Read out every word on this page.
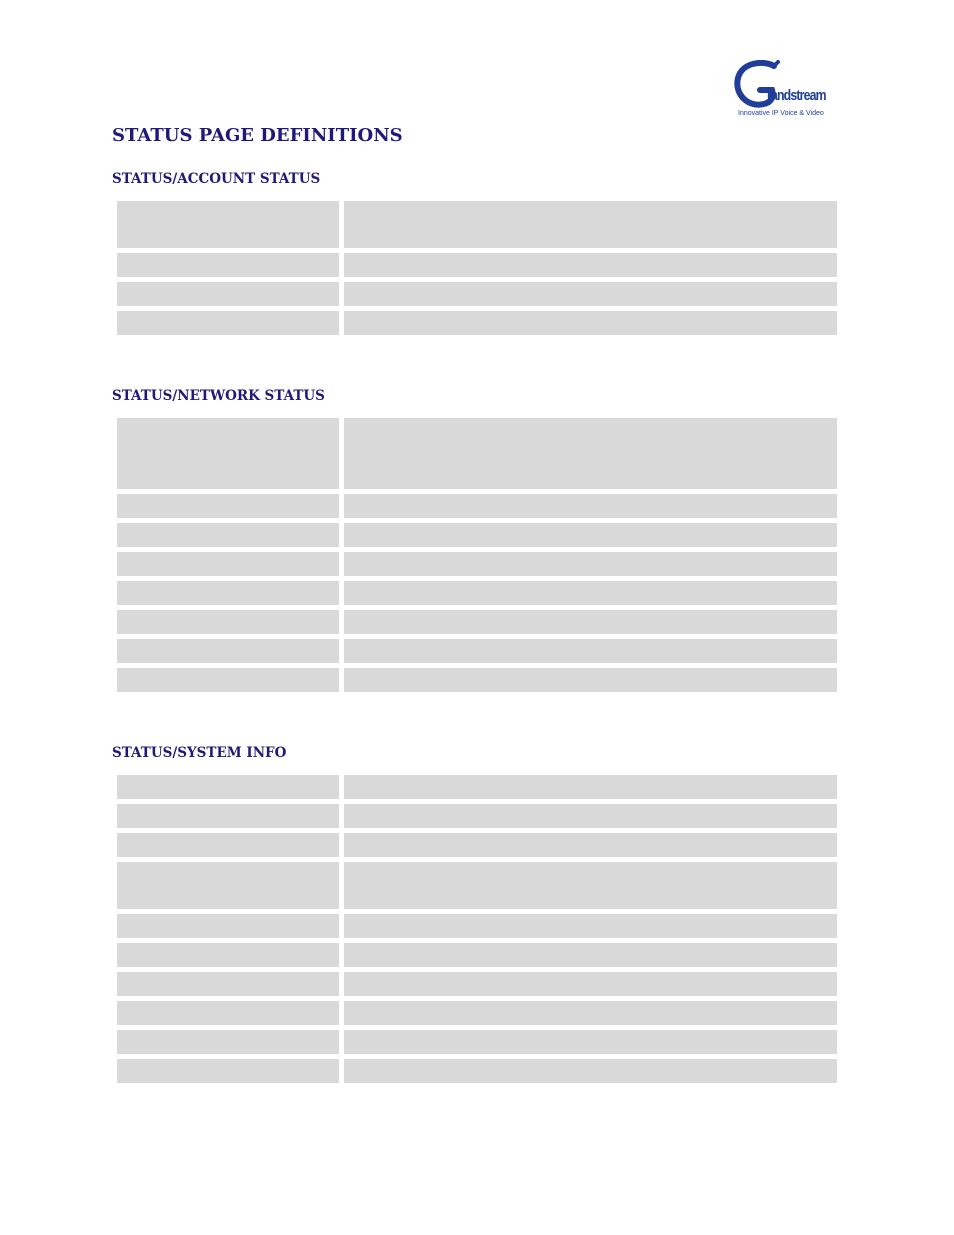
randstream
Innovative IP Voice & Video
STATUS PAGE DEFINITIONS
STATUS/ACCOUNT STATUS
STATUS/NETWORK STATUS
STATUS/SYSTEM INFO
